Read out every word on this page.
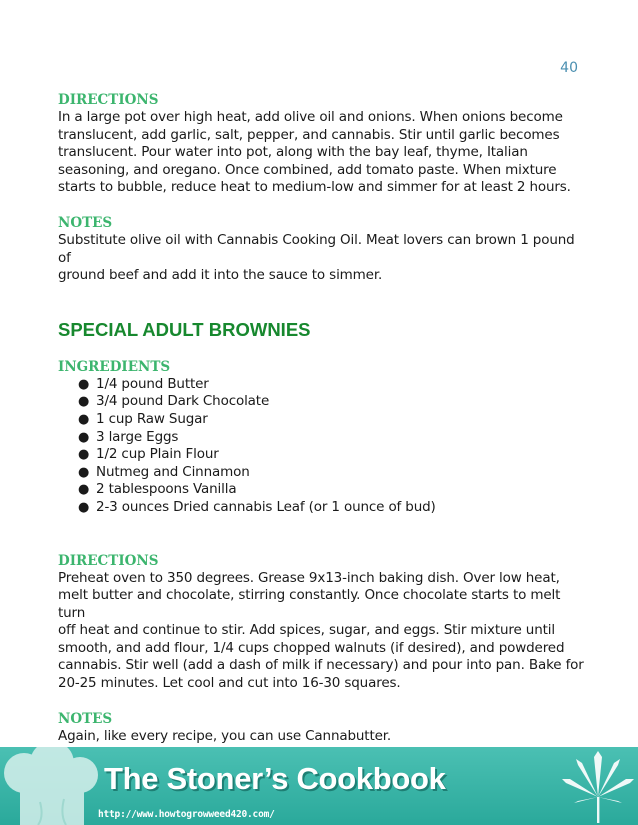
40

DIRECTIONS

In a large pot over high heat, add olive oil and onions. When onions become

translucent, add garlic, salt, pepper, and cannabis. Stir until garlic becomes

translucent. Pour water into pot, along with the bay leaf, thyme, Italian

seasoning, and oregano. Once combined, add tomato paste. When mixture

starts to bubble, reduce heat to medium-low and simmer for at least 2 hours.

NOTES

Substitute olive oil with Cannabis Cooking Oil. Meat lovers can brown 1 pound of

ground beef and add it into the sauce to simmer.

SPECIAL ADULT BROWNIES

INGREDIENTS

● 1/4 pound Butter
● 3/4 pound Dark Chocolate
● 1 cup Raw Sugar
● 3 large Eggs
● 1/2 cup Plain Flour
● Nutmeg and Cinnamon
● 2 tablespoons Vanilla
● 2-3 ounces Dried cannabis Leaf (or 1 ounce of bud)

DIRECTIONS

Preheat oven to 350 degrees. Grease 9x13-inch baking dish. Over low heat,

melt butter and chocolate, stirring constantly. Once chocolate starts to melt turn

off heat and continue to stir. Add spices, sugar, and eggs. Stir mixture until

smooth, and add flour, 1/4 cups chopped walnuts (if desired), and powdered

cannabis. Stir well (add a dash of milk if necessary) and pour into pan. Bake for

20-25 minutes. Let cool and cut into 16-30 squares.

NOTES

Again, like every recipe, you can use Cannabutter.

The Stoner’s Cookbook
http://www.howtogrowweed420.com/
